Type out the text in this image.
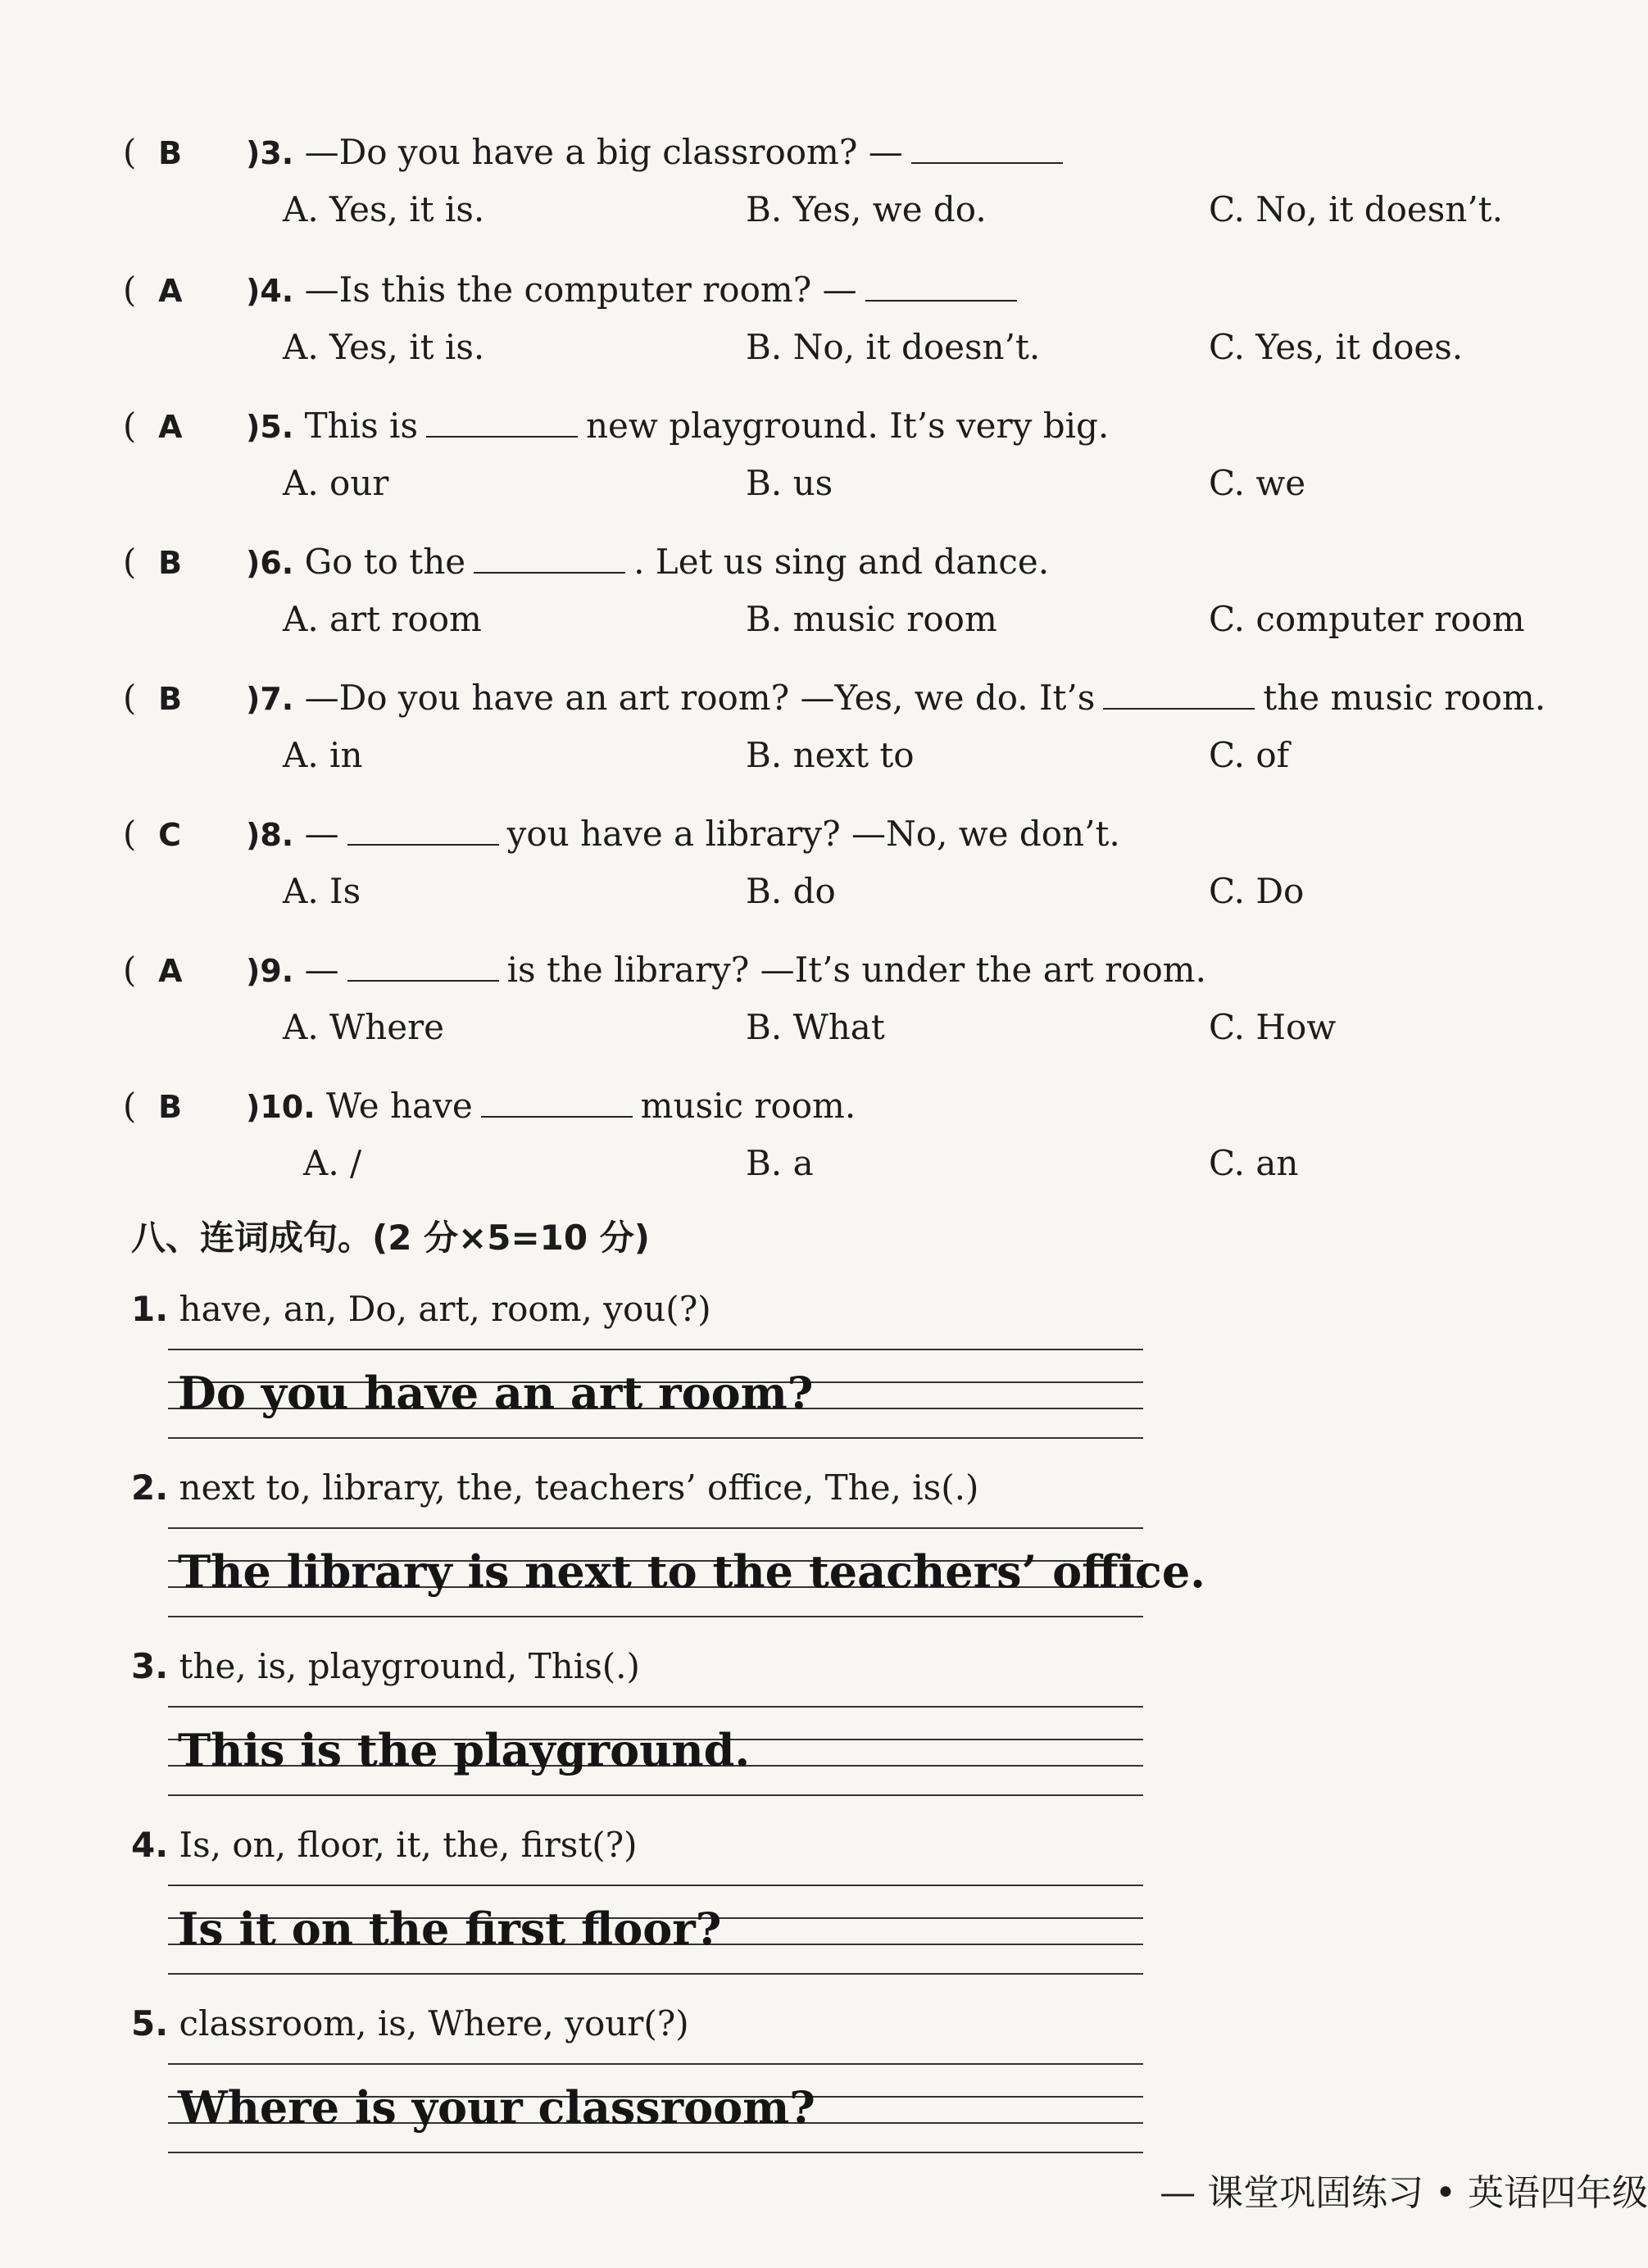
(  B )3. —Do you have a big classroom? —
A. Yes, it is.	B. Yes, we do.	C. No, it doesn’t.
(  A )4. —Is this the computer room? —
A. Yes, it is.	B. No, it doesn’t.	C. Yes, it does.
(  A )5. This is	new playground. It’s very big.
A. our	B. us	C. we
(  B )6. Go to the	. Let us sing and dance.
A. art room	B. music room	C. computer room
(  B )7. —Do you have an art room? —Yes, we do. It’s	the music room.
A. in	B. next to	C. of
(  C )8. —	you have a library? —No, we don’t.
A. Is	B. do	C. Do
(  A )9. —	is the library? —It’s under the art room.
A. Where	B. What	C. How
(  B )10. We have	music room.
A. /	B. a	C. an
八、连词成句。(2 分×5=10 分)
1. have, an, Do, art, room, you(?)
Do you have an art room?
2. next to, library, the, teachers’ office, The, is(.)
The library is next to the teachers’ office.
3. the, is, playground, This(.)
This is the playground.
4. Is, on, floor, it, the, first(?)
Is it on the first floor?
5. classroom, is, Where, your(?)
Where is your classroom?
— 课堂巩固练习 • 英语四年级
